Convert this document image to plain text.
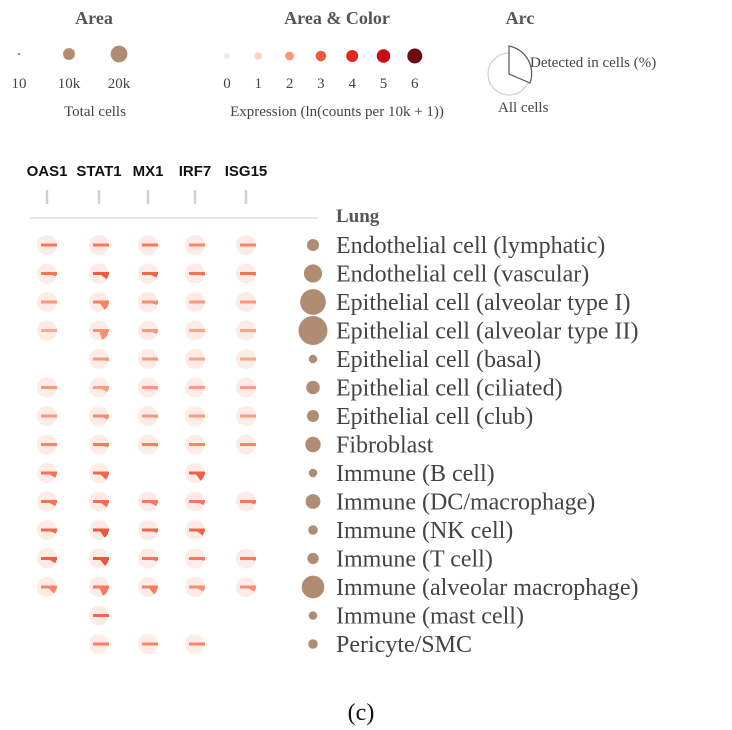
Area
10 10k 20k
Total cells
Area & Color
0 1 2 3 4 5 6
Expression (ln(counts per 10k + 1))
Arc
Detected in cells (%)
All cells
OAS1 STAT1 MX1 IRF7 ISG15
Lung
Endothelial cell (lymphatic)
Endothelial cell (vascular)
Epithelial cell (alveolar type I)
Epithelial cell (alveolar type II)
Epithelial cell (basal)
Epithelial cell (ciliated)
Epithelial cell (club)
Fibroblast
Immune (B cell)
Immune (DC/macrophage)
Immune (NK cell)
Immune (T cell)
Immune (alveolar macrophage)
Immune (mast cell)
Pericyte/SMC
(c)
